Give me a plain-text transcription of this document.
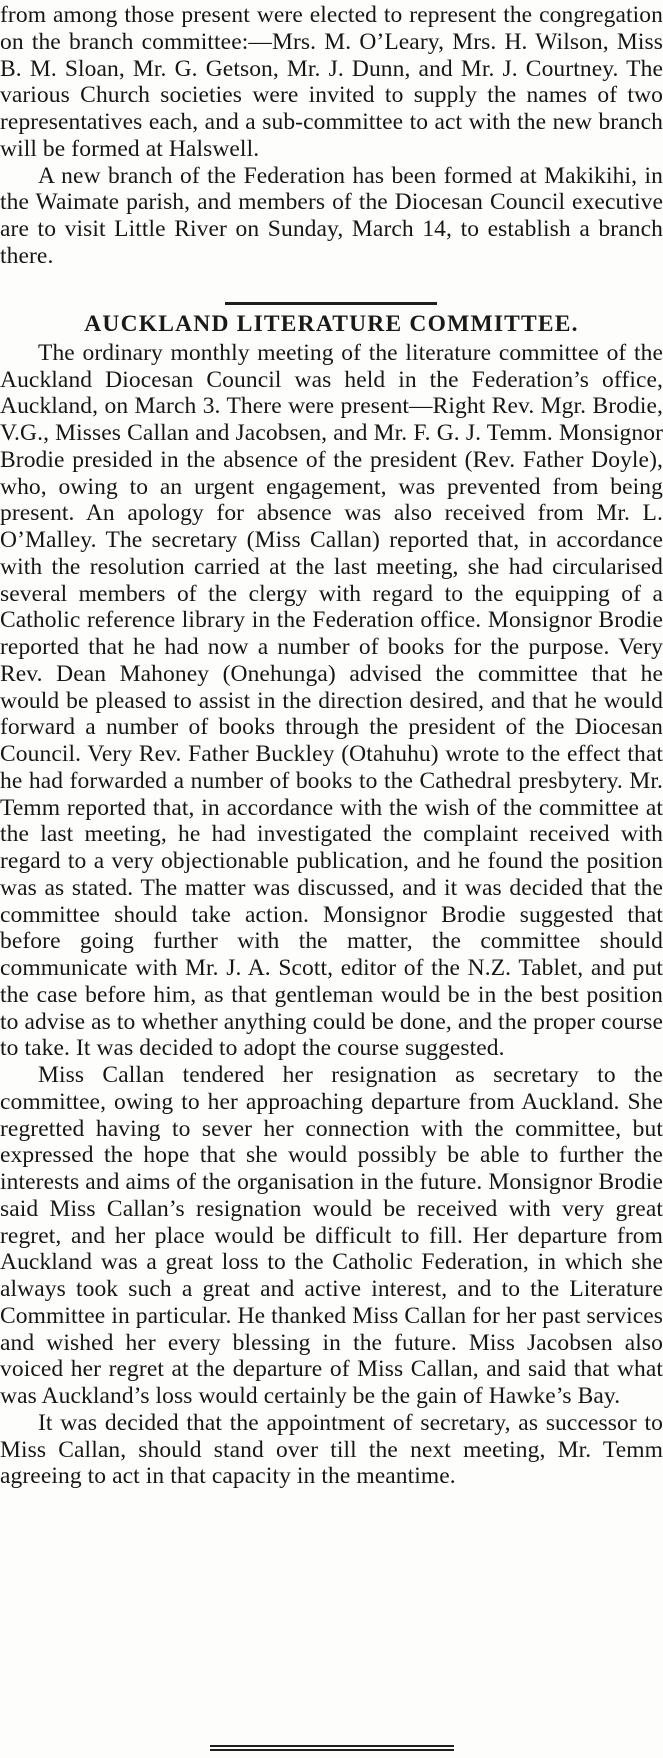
from among those present were elected to represent the congregation on the branch committee:—Mrs. M. O’Leary, Mrs. H. Wilson, Miss B. M. Sloan, Mr. G. Getson, Mr. J. Dunn, and Mr. J. Courtney. The various Church societies were invited to supply the names of two representatives each, and a sub-committee to act with the new branch will be formed at Halswell.

A new branch of the Federation has been formed at Makikihi, in the Waimate parish, and members of the Diocesan Council executive are to visit Little River on Sunday, March 14, to establish a branch there.

AUCKLAND LITERATURE COMMITTEE.

The ordinary monthly meeting of the literature committee of the Auckland Diocesan Council was held in the Federation’s office, Auckland, on March 3. There were present—Right Rev. Mgr. Brodie, V.G., Misses Callan and Jacobsen, and Mr. F. G. J. Temm. Monsignor Brodie presided in the absence of the president (Rev. Father Doyle), who, owing to an urgent engagement, was prevented from being present. An apology for absence was also received from Mr. L. O’Malley. The secretary (Miss Callan) reported that, in accordance with the resolution carried at the last meeting, she had circularised several members of the clergy with regard to the equipping of a Catholic reference library in the Federation office. Monsignor Brodie reported that he had now a number of books for the purpose. Very Rev. Dean Mahoney (Onehunga) advised the committee that he would be pleased to assist in the direction desired, and that he would forward a number of books through the president of the Diocesan Council. Very Rev. Father Buckley (Otahuhu) wrote to the effect that he had forwarded a number of books to the Cathedral presbytery. Mr. Temm reported that, in accordance with the wish of the committee at the last meeting, he had investigated the complaint received with regard to a very objectionable publication, and he found the position was as stated. The matter was discussed, and it was decided that the committee should take action. Monsignor Brodie suggested that before going further with the matter, the committee should communicate with Mr. J. A. Scott, editor of the N.Z. Tablet, and put the case before him, as that gentleman would be in the best position to advise as to whether anything could be done, and the proper course to take. It was decided to adopt the course suggested.

Miss Callan tendered her resignation as secretary to the committee, owing to her approaching departure from Auckland. She regretted having to sever her connection with the committee, but expressed the hope that she would possibly be able to further the interests and aims of the organisation in the future. Monsignor Brodie said Miss Callan’s resignation would be received with very great regret, and her place would be difficult to fill. Her departure from Auckland was a great loss to the Catholic Federation, in which she always took such a great and active interest, and to the Literature Committee in particular. He thanked Miss Callan for her past services and wished her every blessing in the future. Miss Jacobsen also voiced her regret at the departure of Miss Callan, and said that what was Auckland’s loss would certainly be the gain of Hawke’s Bay.

It was decided that the appointment of secretary, as successor to Miss Callan, should stand over till the next meeting, Mr. Temm agreeing to act in that capacity in the meantime.
